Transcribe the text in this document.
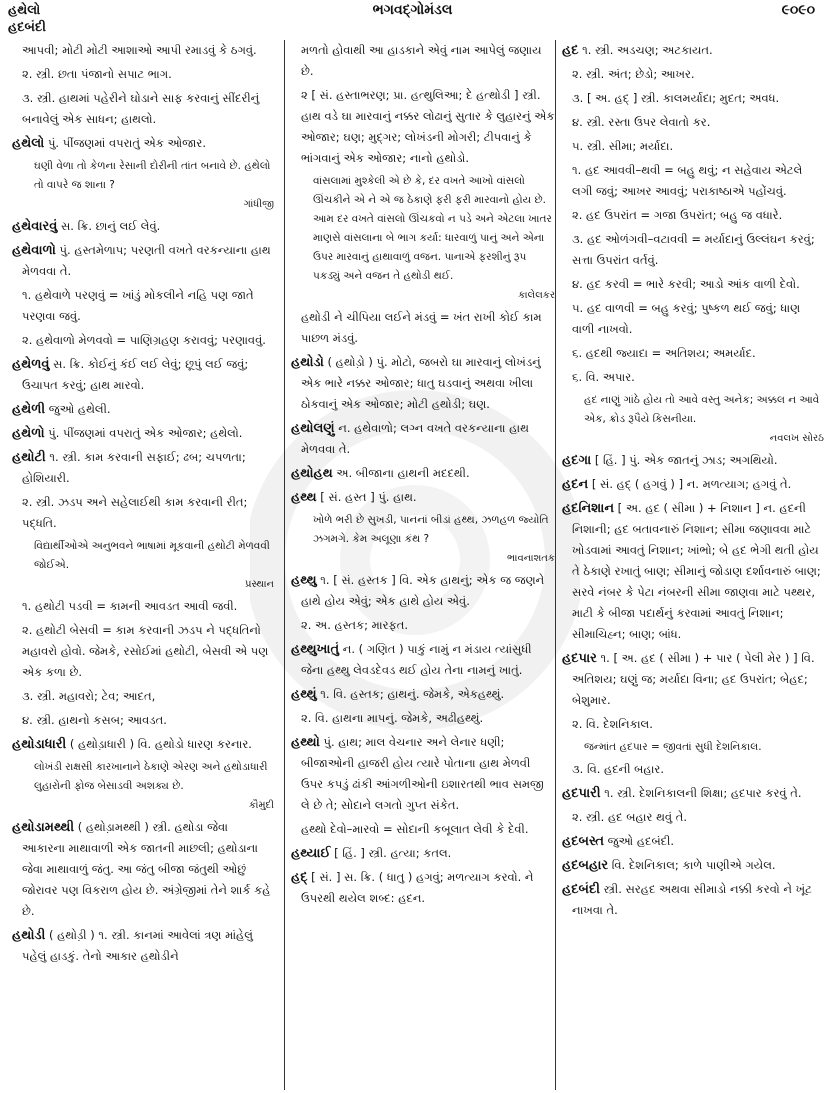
હથેલો
હદબંદી
ભગવદ્ગોમંડલ	૯૦૯૦
આપવી; મોટી મોટી આશાઓ આપી રમાડવું કે ઠગવું.
૨. સ્ત્રી. છતા પંજાનો સપાટ ભાગ.
૩. સ્ત્રી. હાથમાં પહેરીને ઘોડાને સાફ કરવાનું સીંદરીનું બનાવેલું એક સાધન; હાથલો.
હથેલો પું. પીંજણમાં વપરાતું એક ઓજાર.
ઘણી વેળા તો કેળના રેસાની દોરીની તાંત બનાવે છે. હથેલો તો વાપરે જ શાના ?
ગાંધીજી
હથેવારવું સ. ક્રિ. છાનું લઈ લેવું.
હથેવાળો પું. હસ્તમેળાપ; પરણતી વખતે વરકન્યાના હાથ મેળવવા તે.
૧. હથેવાળે પરણવું = ખાંડું મોકલીને નહિ પણ જાતે પરણવા જવું.
૨. હથેવાળો મેળવવો = પાણિગ્રહણ કરાવવું; પરણાવવું.
હથેળવું સ. ક્રિ. કોઈનું કંઈ લઈ લેવું; છૂપું લઈ જવું; ઉચાપત કરવું; હાથ મારવો.
હથેળી જુઓ હથેલી.
હથેળો પું. પીંજણમાં વપરાતું એક ઓજાર; હથેલો.
હથોટી ૧. સ્ત્રી. કામ કરવાની સફાઈ; ઢબ; ચપળતા; હોશિયારી.
૨. સ્ત્રી. ઝડપ અને સહેલાઈથી કામ કરવાની રીત; પદ્ધતિ.
વિદ્યાર્થીઓએ અનુભવને ભાષામાં મૂકવાની હથોટી મેળવવી જોઈએ.
પ્રસ્થાન
૧. હથોટી પડવી = કામની આવડત આવી જવી.
૨. હથોટી બેસવી = કામ કરવાની ઝડપ ને પદ્ધતિનો મહાવરો હોવો. જેમકે, રસોઈમાં હથોટી, બેસવી એ પણ એક કળા છે.
૩. સ્ત્રી. મહાવરો; ટેવ; આદત,
૪. સ્ત્રી. હાથનો કસબ; આવડત.
હથોડાધારી ( હથોડ઼ાધારી ) વિ. હથોડો ધારણ કરનાર.
લોખંડી રાક્ષસી કારખાનાને ઠેકાણે એરણ અને હથોડાધારી લુહારોની ફોજ બેસાડવી અશક્ય છે.
કૌમુદી
હથોડામથ્થી ( હથોડ઼ામથ્થી ) સ્ત્રી. હથોડા જેવા આકારના માથાવાળી એક જાતની માછલી; હથોડાના જેવા માથાવાળું જંતુ. આ જંતુ બીજા જંતુથી ઓછું જોરાવર પણ વિકરાળ હોય છે. અંગ્રેજીમાં તેને શાર્ક કહે છે.
હથોડી ( હથોડ઼ી ) ૧. સ્ત્રી. કાનમાં આવેલાં ત્રણ માંહેલું પહેલું હાડકું. તેનો આકાર હથોડીને
મળતો હોવાથી આ હાડકાને એવું નામ આપેલું જણાય છે.
૨ [ સં. હસ્તાભરણ; પ્રા. હત્થુલિઆ; દે હત્થોડી ] સ્ત્રી. હાથ વડે ઘા મારવાનું નક્કર લોઢાનું સુતાર કે લુહારનું એક ઓજાર; ઘણ; મુદ્ગર; લોખંડની મોગરી; ટીપવાનું કે ભાંગવાનું એક ઓજાર; નાનો હથોડો.
વાંસલામાં મુશ્કેલી એ છે કે, દર વખતે આખો વાંસલો ઊંચકીને એ ને એ જ ઠેકાણે ફરી ફરી મારવાનો હોય છે. આમ દર વખતે વાંસલો ઊંચકવો ન પડે અને એટલા ખાતર માણસે વાંસલાના બે ભાગ કર્યા: ધારવાળું પાનું અને એના ઉપર મારવાનું હાથાવાળું વજન. પાનાએ ફરશીનું રૂપ પકડ્યું અને વજન તે હથોડી થઈ.
કાલેલકર
હથોડી ને ચીપિયા લઈને મંડવું = ખંત રાખી કોઈ કામ પાછળ મંડવું.
હથોડો ( હથોડ઼ો ) પું. મોટો, જબરો ઘા મારવાનું લોખંડનું એક ભારે નક્કર ઓજાર; ધાતુ ઘડવાનું અથવા ખીલા ઠોકવાનું એક ઓજાર; મોટી હથોડી; ઘણ.
હથોલણું ન. હથેવાળો; લગ્ન વખતે વરકન્યાના હાથ મેળવવા તે.
હથોહથ અ. બીજાના હાથની મદદથી.
હથ્થ [ સં. હસ્ત ] પું. હાથ.
ખોળે ભરી છે સુખડી, પાનનાં બીડાં હથ્થ, ઝળહળ જ્યોતિ ઝગમગે. કેમ અલૂણા કંથ ?
ભાવનાશતક
હથ્થુ ૧. [ સં. હસ્તક ] વિ. એક હાથનું; એક જ જણને હાથે હોય એવું; એક હાથે હોય એવું.
૨. અ. હસ્તક; મારફત.
હથ્થુખાતું ન. ( ગણિત ) પાકું નામું ન મંડાય ત્યાંસુધી જેના હથ્થુ લેવડદેવડ થઈ હોય તેના નામનું ખાતું.
હથ્થું ૧. વિ. હસ્તક; હાથનું. જેમકે, એકહથ્થું.
૨. વિ. હાથના માપનું. જેમકે, અઢીહથ્થું.
હથ્થો પું. હાથ; માલ વેચનાર અને લેનાર ધણી; બીજાઓની હાજરી હોય ત્યારે પોતાના હાથ મેળવી ઉપર કપડું ઢાંકી આંગળીઓની ઇશારતથી ભાવ સમજી લે છે તે; સોદાને લગતો ગુપ્ત સંકેત.
હથ્થો દેવો–મારવો = સોદાની કબૂલાત લેવી કે દેવી.
હથ્યાઈ [ હિં. ] સ્ત્રી. હત્યા; કતલ.
હદ્ [ સં. ] સ. ક્રિ. ( ધાતુ ) હગવું; મળત્યાગ કરવો. ને ઉપરથી થયેલ શબ્દ: હદન.
હદ ૧. સ્ત્રી. અડચણ; અટકાયત.
૨. સ્ત્રી. અંત; છેડો; આખર.
૩. [ અ. હદ્ ] સ્ત્રી. કાલમર્યાદા; મુદત; અવધ.
૪. સ્ત્રી. રસ્તા ઉપર લેવાતો કર.
૫. સ્ત્રી. સીમા; મર્યાદા.
૧. હદ આવવી–થવી = બહુ થવું; ન સહેવાય એટલે લગી જવું; આખર આવવું; પરાકાષ્ઠાએ પહોંચવું.
૨. હદ ઉપરાંત = ગજા ઉપરાંત; બહુ જ વધારે.
૩. હદ ઓળંગવી–વટાવવી = મર્યાદાનું ઉલ્લંઘન કરવું; સત્તા ઉપરાંત વર્તવું.
૪. હદ કરવી = ભારે કરવી; આડો આંક વાળી દેવો.
૫. હદ વાળવી = બહુ કરવું; પુષ્કળ થઈ જવું; ધાણ વાળી નાખવો.
૬. હદથી જ્યાદા = અતિશય; અમર્યાદ.
૬. વિ. અપાર.
હદ નાણું ગાંઠે હોય તો આવે વસ્તુ અનેક; અક્કલ ન આવે એક, ક્રોડ રૂપૈયે કિસનીયા.
નવલખ સોરઠ
હદગા [ હિં. ] પું. એક જાતનું ઝાડ; અગથિયો.
હદન [ સં. હદ્ ( હગવું ) ] ન. મળત્યાગ; હગવું તે.
હદનિશાન [ અ. હદ ( સીમા ) + નિશાન ] ન. હદની નિશાની; હદ બતાવનારું નિશાન; સીમા જણાવવા માટે ખોડવામાં આવતું નિશાન; ખાંભો; બે હદ ભેગી થતી હોય તે ઠેકાણે રખાતું બાણ; સીમાનું જોડાણ દર્શાવનારું બાણ; સરવે નંબર કે પેટા નંબરની સીમા જાણવા માટે પથ્થર, માટી કે બીજા પદાર્થનું કરવામાં આવતું નિશાન; સીમાચિહ્ન; બાણ; બાંધ.
હદપાર ૧. [ અ. હદ ( સીમા ) + પાર ( પેલી મેર ) ] વિ. અતિશય; ઘણું જ; મર્યાદા વિના; હદ ઉપરાંત; બેહદ; બેશુમાર.
૨. વિ. દેશનિકાલ.
જન્માંત હદપાર = જીવતાં સુધી દેશનિકાલ.
૩. વિ. હદની બહાર.
હદપારી ૧. સ્ત્રી. દેશનિકાલની શિક્ષા; હદપાર કરવું તે.
૨. સ્ત્રી. હદ બહાર થવું તે.
હદબસ્ત જુઓ હદબંદી.
હદબહાર વિ. દેશનિકાલ; કાળે પાણીએ ગયેલ.
હદબંદી સ્ત્રી. સરહદ અથવા સીમાડો નક્કી કરવો ને ખૂંટ નાખવા તે.
